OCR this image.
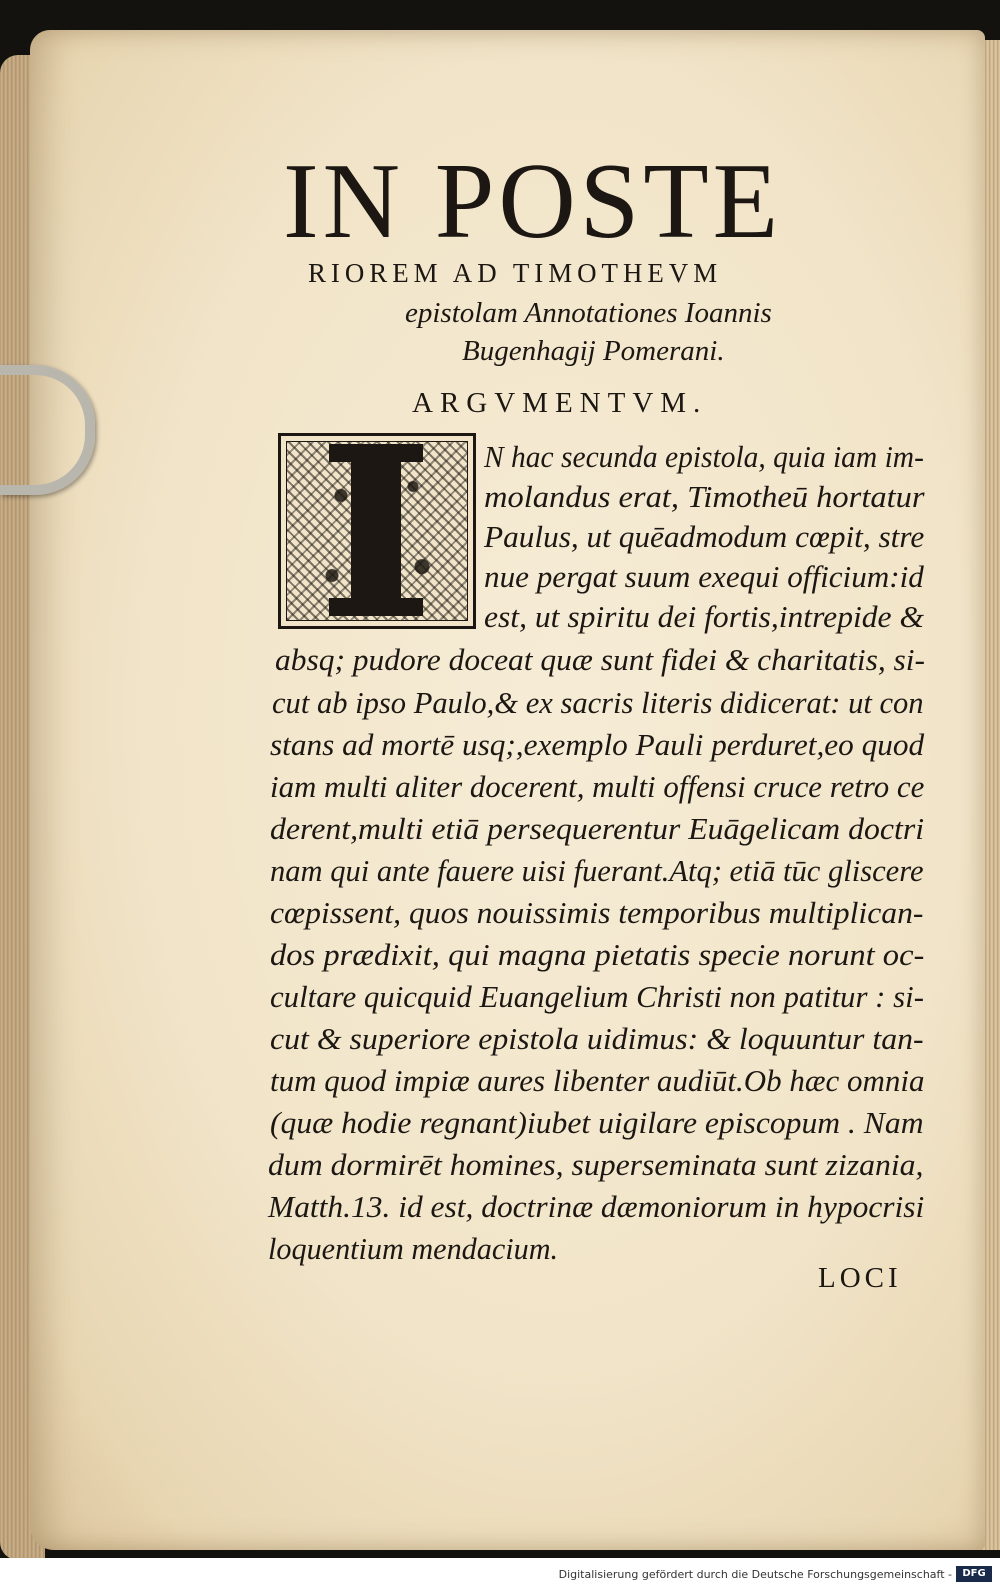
IN POSTE
RIOREM AD TIMOTHEVM
epistolam Annotationes Ioannis
Bugenhagij Pomerani.
ARGVMENTVM.
N hac secunda epistola, quia iam im-
molandus erat, Timotheū hortatur
Paulus, ut quēadmodum cœpit, stre
nue pergat suum exequi officium:id
est, ut spiritu dei fortis,intrepide &
absq; pudore doceat quæ sunt fidei & charitatis, si-
cut ab ipso Paulo,& ex sacris literis didicerat: ut con
stans ad mortē usq;,exemplo Pauli perduret,eo quod
iam multi aliter docerent, multi offensi cruce retro ce
derent,multi etiā persequerentur Euāgelicam doctri
nam qui ante fauere uisi fuerant.Atq; etiā tūc gliscere
cœpissent, quos nouissimis temporibus multiplican-
dos prædixit, qui magna pietatis specie norunt oc-
cultare quicquid Euangelium Christi non patitur : si-
cut & superiore epistola uidimus: & loquuntur tan-
tum quod impiæ aures libenter audiūt.Ob hæc omnia
(quæ hodie regnant)iubet uigilare episcopum . Nam
dum dormirēt homines, superseminata sunt zizania,
Matth.13. id est, doctrinæ dæmoniorum in hypocrisi
loquentium mendacium.
LOCI
Digitalisierung gefördert durch die Deutsche Forschungsgemeinschaft -	DFG
